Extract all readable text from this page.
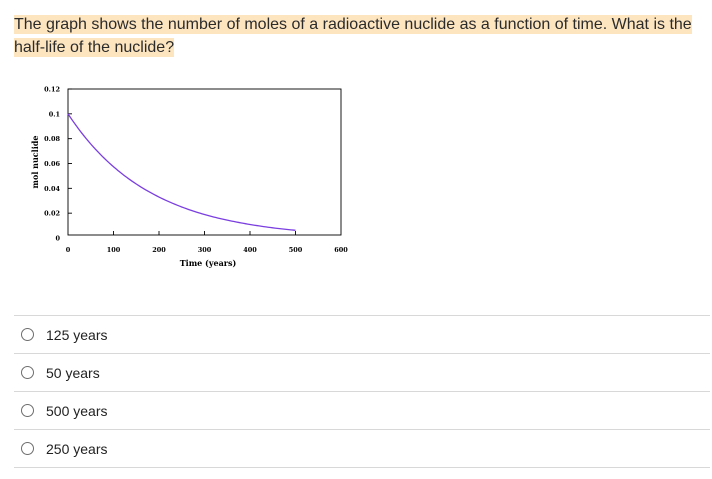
The graph shows the number of moles of a radioactive nuclide as a function of time. What is the
half-life of the nuclide?
0
0.02
0.04
0.06
0.08
0.1
0.12
0	100	200	300	400	500	600
Time (years)
mol nuclide
125 years
50 years
500 years
250 years
